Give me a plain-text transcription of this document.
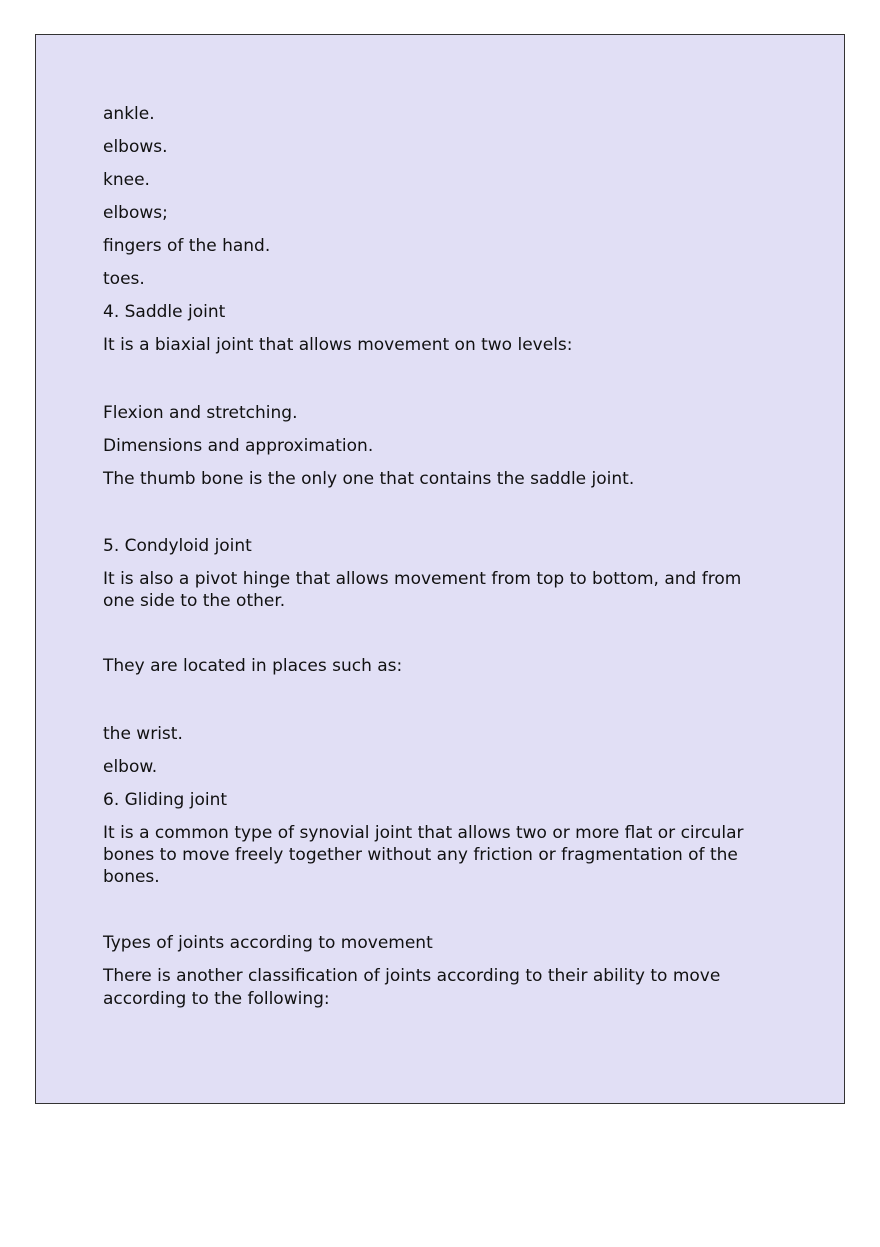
ankle.

elbows.

knee.

elbows;

fingers of the hand.

toes.

4. Saddle joint

It is a biaxial joint that allows movement on two levels:

Flexion and stretching.

Dimensions and approximation.

The thumb bone is the only one that contains the saddle joint.

5. Condyloid joint

It is also a pivot hinge that allows movement from top to bottom, and from one side to the other.

They are located in places such as:

the wrist.

elbow.

6. Gliding joint

It is a common type of synovial joint that allows two or more flat or circular bones to move freely together without any friction or fragmentation of the bones.

Types of joints according to movement

There is another classification of joints according to their ability to move according to the following:
